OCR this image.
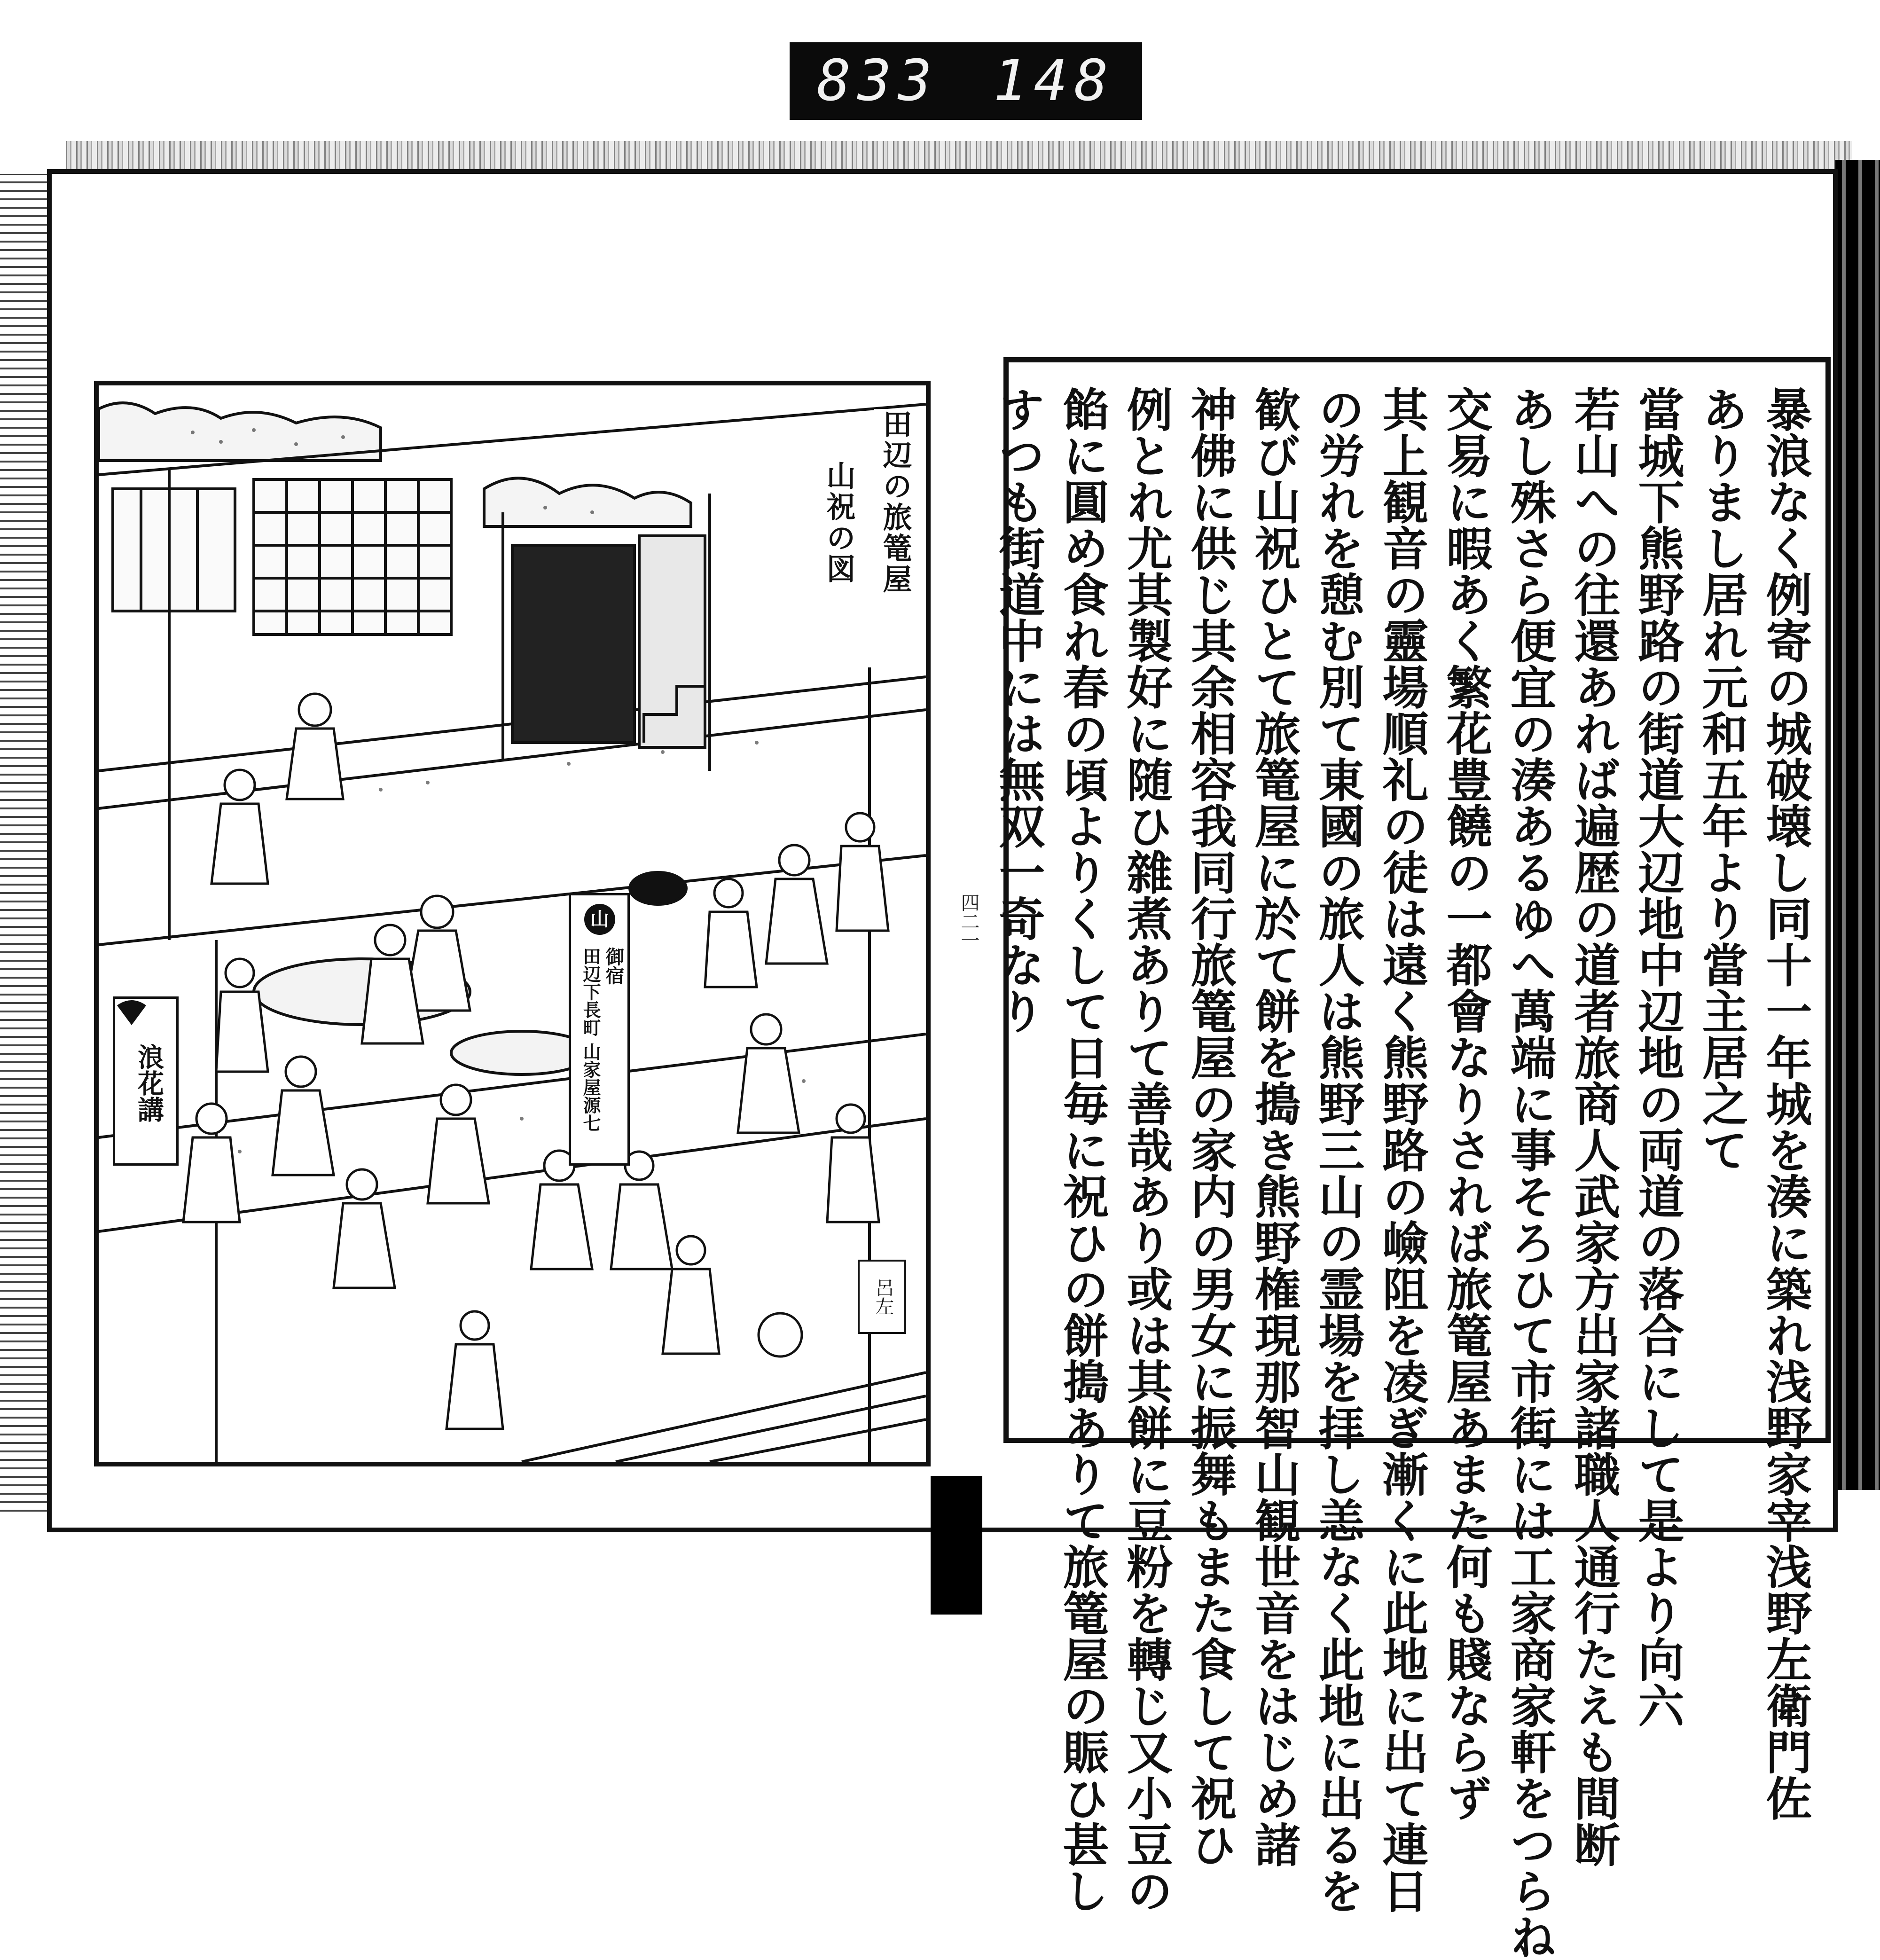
833 148
四二一
田辺の旅篭屋
山祝の図
山
御宿
田辺下長町 山家屋源七
浪花講
呂左	暴浪なく例寄の城破壊し同十一年城を湊に築れ浅野家宰浅野左衛門佐
ありまし居れ元和五年より當主居之て
當城下熊野路の街道大辺地中辺地の両道の落合にして是より向六
若山への往還あれば遍歴の道者旅商人武家方出家諸職人通行たえも間断
あし殊さら便宜の湊あるゆへ萬端に事そろひて市街には工家商家軒をつらね
交易に暇あく繁花豊饒の一都會なりされば旅篭屋あまた何も賤ならず
其上観音の靈場順礼の徒は遠く熊野路の嶮阻を凌ぎ漸くに此地に出て連日
の労れを憩む別て東國の旅人は熊野三山の霊場を拝し恙なく此地に出るを
歓び山祝ひとて旅篭屋に於て餅を搗き熊野権現那智山観世音をはじめ諸
神佛に供じ其余相容我同行旅篭屋の家内の男女に振舞もまた食して祝ひ
例とれ尤其製好に随ひ雜煮ありて善哉あり或は其餅に豆粉を轉じ又小豆の
餡に圓め食れ春の頃よりくして日毎に祝ひの餅搗ありて旅篭屋の賑ひ甚し
すつも街道中には無双一奇なり
